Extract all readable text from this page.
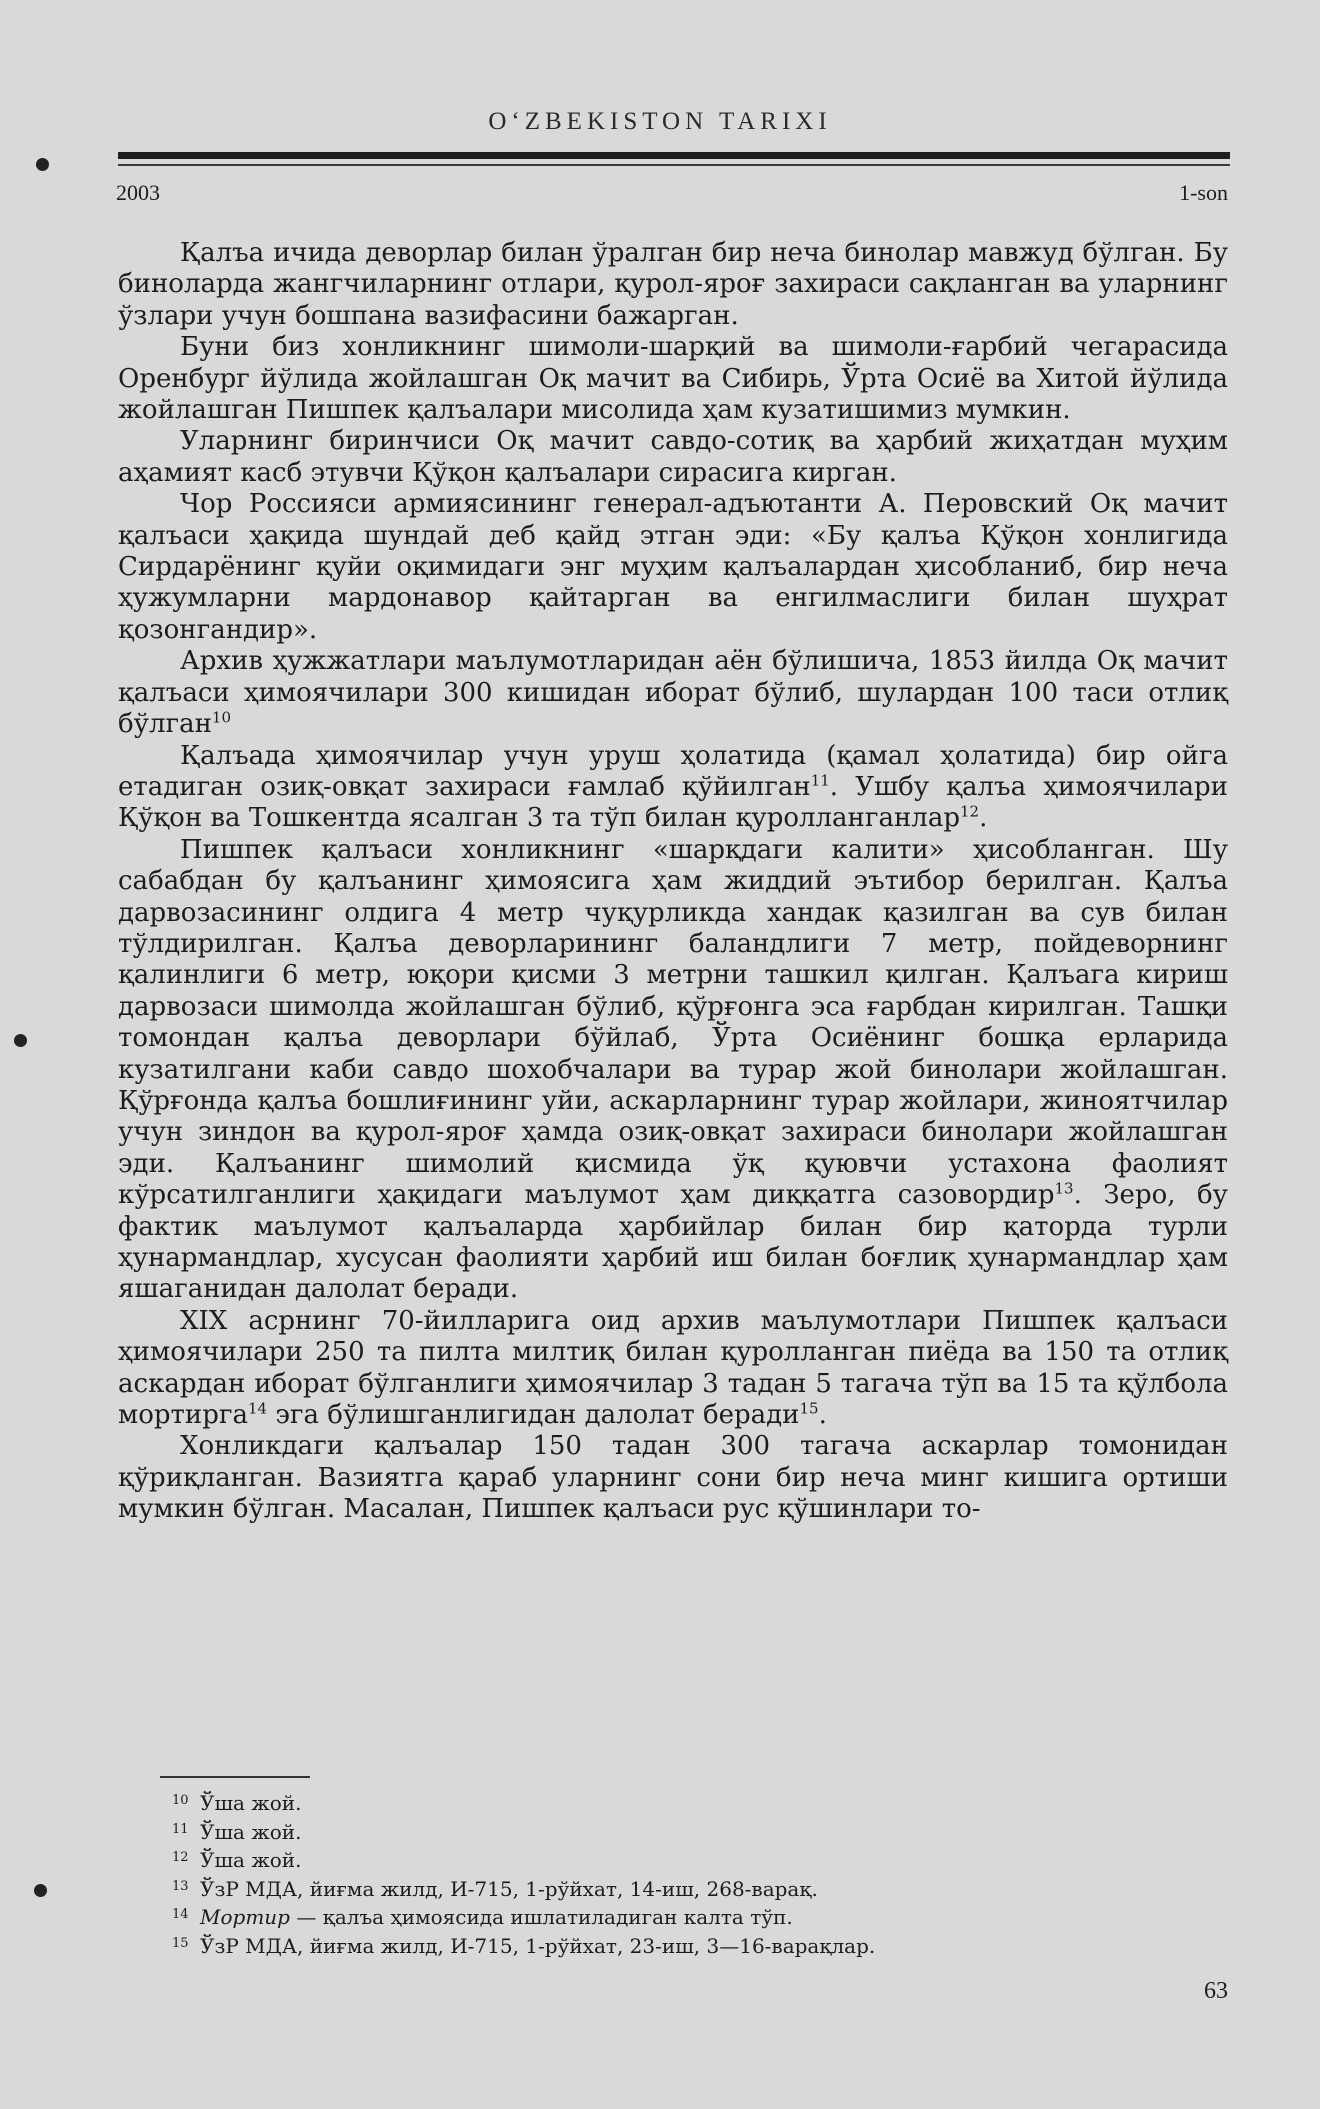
OʻZBEKISTON TARIXI
2003	1-son

Қалъа ичида деворлар билан ўралган бир неча бинолар мавжуд бўлган. Бу биноларда жангчиларнинг отлари, қурол-яроғ захираси сақланган ва уларнинг ўзлари учун бошпана вазифасини бажарган.

Буни биз хонликнинг шимоли-шарқий ва шимоли-ғарбий чегарасида Оренбург йўлида жойлашган Оқ мачит ва Сибирь, Ўрта Осиё ва Хитой йўлида жойлашган Пишпек қалъалари мисолида ҳам кузатишимиз мумкин.

Уларнинг биринчиси Оқ мачит савдо-сотиқ ва ҳарбий жиҳатдан муҳим аҳамият касб этувчи Қўқон қалъалари сирасига кирган.

Чор Россияси армиясининг генерал-адъютанти А. Перовский Оқ мачит қалъаси ҳақида шундай деб қайд этган эди: «Бу қалъа Қўқон хонлигида Сирдарёнинг қуйи оқимидаги энг муҳим қалъалардан ҳисобланиб, бир неча ҳужумларни мардонавор қайтарган ва енгилмаслиги билан шуҳрат қозонгандир».

Архив ҳужжатлари маълумотларидан аён бўлишича, 1853 йилда Оқ мачит қалъаси ҳимоячилари 300 кишидан иборат бўлиб, шулардан 100 таси отлиқ бўлган$^{10}$

Қалъада ҳимоячилар учун уруш ҳолатида (қамал ҳолатида) бир ойга етадиган озиқ-овқат захираси ғамлаб қўйилган$^{11}$. Ушбу қалъа ҳимоячилари Қўқон ва Тошкентда ясалган 3 та тўп билан қуролланганлар$^{12}$.

Пишпек қалъаси хонликнинг «шарқдаги калити» ҳисобланган. Шу сабабдан бу қалъанинг ҳимоясига ҳам жиддий эътибор берилган. Қалъа дарвозасининг олдига 4 метр чуқурликда хандак қазилган ва сув билан тўлдирилган. Қалъа деворларининг баландлиги 7 метр, пойдеворнинг қалинлиги 6 метр, юқори қисми 3 метрни ташкил қилган. Қалъага кириш дарвозаси шимолда жойлашган бўлиб, қўрғонга эса ғарбдан кирилган. Ташқи томондан қалъа деворлари бўйлаб, Ўрта Осиёнинг бошқа ерларида кузатилгани каби савдо шохобчалари ва турар жой бинолари жойлашган. Қўрғонда қалъа бошлиғининг уйи, аскарларнинг турар жойлари, жиноятчилар учун зиндон ва қурол-яроғ ҳамда озиқ-овқат захираси бинолари жойлашган эди. Қалъанинг шимолий қисмида ўқ қуювчи устахона фаолият кўрсатилганлиги ҳақидаги маълумот ҳам диққатга сазовордир$^{13}$. Зеро, бу фактик маълумот қалъаларда ҳарбийлар билан бир қаторда турли ҳунармандлар, хусусан фаолияти ҳарбий иш билан боғлиқ ҳунармандлар ҳам яшаганидан далолат беради.

XIX асрнинг 70-йилларига оид архив маълумотлари Пишпек қалъаси ҳимоячилари 250 та пилта милтиқ билан қуролланган пиёда ва 150 та отлиқ аскардан иборат бўлганлиги ҳимоячилар 3 тадан 5 тагача тўп ва 15 та қўлбола мортирга$^{14}$ эга бўлишганлигидан далолат беради$^{15}$.

Хонликдаги қалъалар 150 тадан 300 тагача аскарлар томонидан қўриқланган. Вазиятга қараб уларнинг сони бир неча минг кишига ортиши мумкин бўлган. Масалан, Пишпек қалъаси рус қўшинлари то-

10 Ўша жой.
11 Ўша жой.
12 Ўша жой.
13 ЎзР МДА, йиғма жилд, И-715, 1-рўйхат, 14-иш, 268-варақ.
14 Мортир — қалъа ҳимоясида ишлатиладиган калта тўп.
15 ЎзР МДА, йиғма жилд, И-715, 1-рўйхат, 23-иш, 3—16-варақлар.
63
